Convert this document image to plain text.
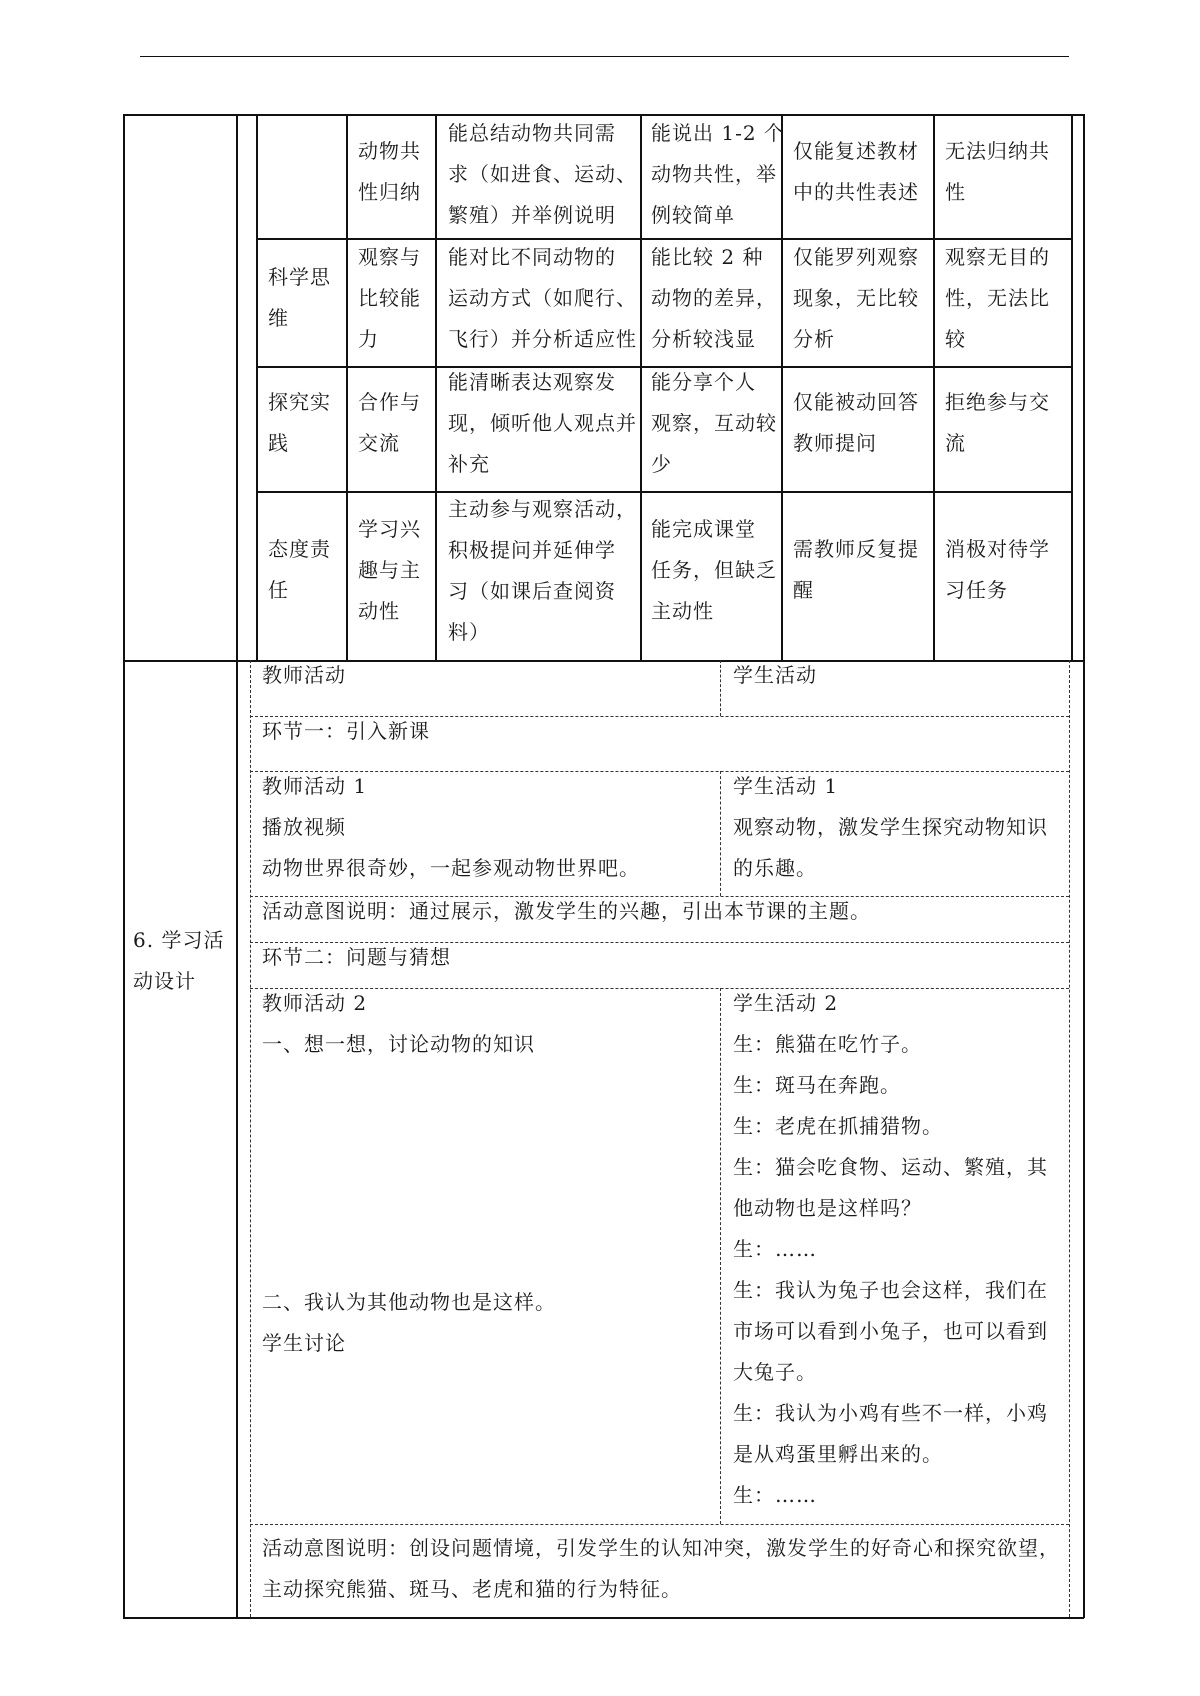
动物共
性归纳
能总结动物共同需
求（如进食、运动、
繁殖）并举例说明
能说出 1-2 个
动物共性，举
例较简单
仅能复述教材
中的共性表述
无法归纳共
性
科学思
维
观察与
比较能
力
能对比不同动物的
运动方式（如爬行、
飞行）并分析适应性
能比较 2 种
动物的差异，
分析较浅显
仅能罗列观察
现象，无比较
分析
观察无目的
性，无法比
较
探究实
践
合作与
交流
能清晰表达观察发
现，倾听他人观点并
补充
能分享个人
观察，互动较
少
仅能被动回答
教师提问
拒绝参与交
流
态度责
任
学习兴
趣与主
动性
主动参与观察活动，
积极提问并延伸学
习（如课后查阅资
料）
能完成课堂
任务，但缺乏
主动性
需教师反复提
醒
消极对待学
习任务
6. 学习活
动设计
教师活动	学生活动
环节一：引入新课
教师活动 1
播放视频
动物世界很奇妙，一起参观动物世界吧。
学生活动 1
观察动物，激发学生探究动物知识
的乐趣。
活动意图说明：通过展示，激发学生的兴趣，引出本节课的主题。
环节二：问题与猜想
教师活动 2
一、想一想，讨论动物的知识
二、我认为其他动物也是这样。
学生讨论
学生活动 2
生：熊猫在吃竹子。
生：斑马在奔跑。
生：老虎在抓捕猎物。
生：猫会吃食物、运动、繁殖，其
他动物也是这样吗？
生：……
生：我认为兔子也会这样，我们在
市场可以看到小兔子，也可以看到
大兔子。
生：我认为小鸡有些不一样，小鸡
是从鸡蛋里孵出来的。
生：……
活动意图说明：创设问题情境，引发学生的认知冲突，激发学生的好奇心和探究欲望，
主动探究熊猫、斑马、老虎和猫的行为特征。
